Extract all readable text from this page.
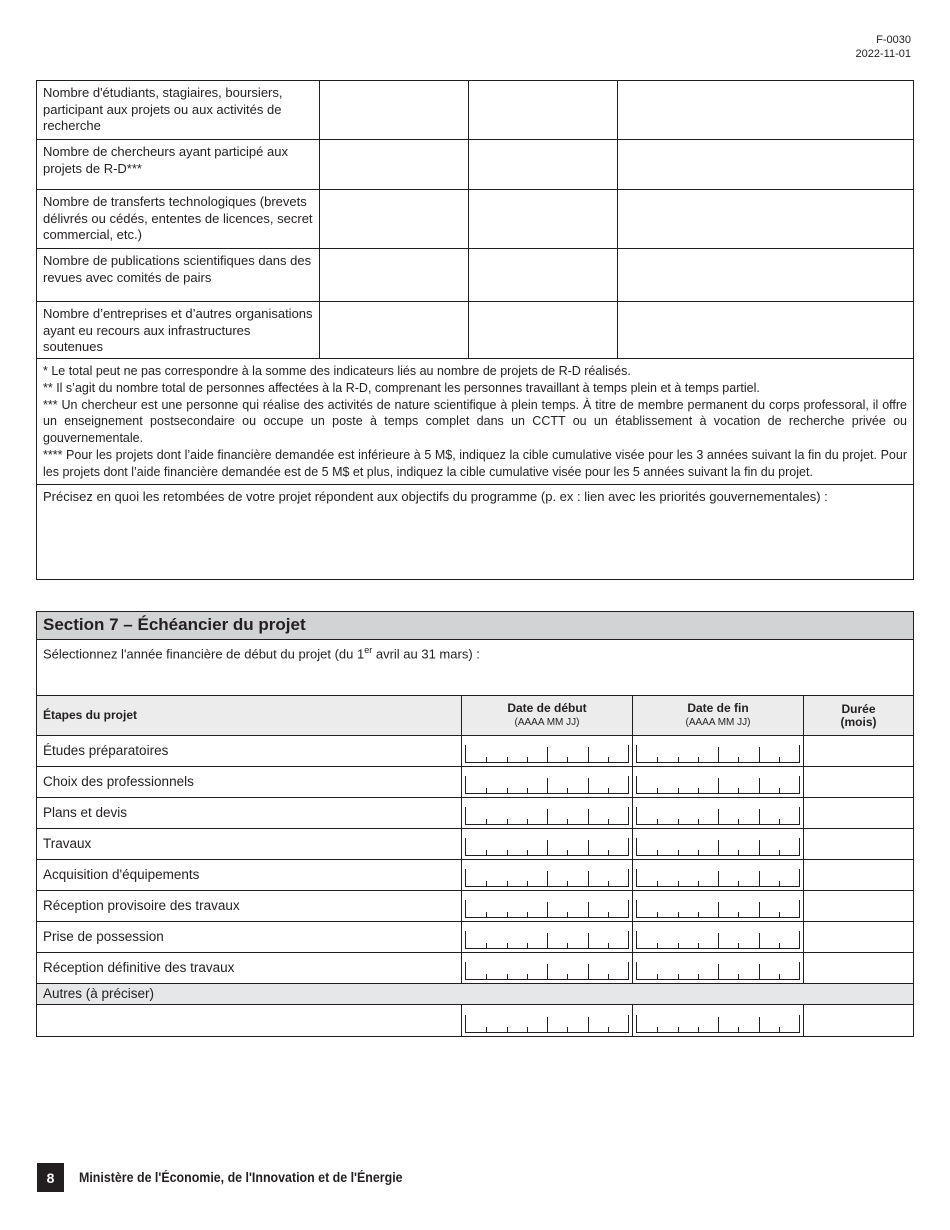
F-0030
2022-11-01
Nombre d'étudiants, stagiaires, boursiers, participant aux projets ou aux activités de recherche
Nombre de chercheurs ayant participé aux projets de R-D***
Nombre de transferts technologiques (brevets délivrés ou cédés, ententes de licences, secret commercial, etc.)
Nombre de publications scientifiques dans des revues avec comités de pairs
Nombre d’entreprises et d’autres organisations ayant eu recours aux infrastructures soutenues

* Le total peut ne pas correspondre à la somme des indicateurs liés au nombre de projets de R-D réalisés.

** Il s’agit du nombre total de personnes affectées à la R-D, comprenant les personnes travaillant à temps plein et à temps partiel.

*** Un chercheur est une personne qui réalise des activités de nature scientifique à plein temps. À titre de membre permanent du corps professoral, il offre un enseignement postsecondaire ou occupe un poste à temps complet dans un CCTT ou un établissement à vocation de recherche privée ou gouvernementale.

**** Pour les projets dont l’aide financière demandée est inférieure à 5 M$, indiquez la cible cumulative visée pour les 3 années suivant la fin du projet. Pour les projets dont l’aide financière demandée est de 5 M$ et plus, indiquez la cible cumulative visée pour les 5 années suivant la fin du projet.

Précisez en quoi les retombées de votre projet répondent aux objectifs du programme (p. ex : lien avec les priorités gouvernementales) :
Section 7 – Échéancier du projet
Sélectionnez l'année financière de début du projet (du 1er avril au 31 mars) :
Étapes du projet	Date de début
(AAAA MM JJ)
Date de fin
(AAAA MM JJ)
Durée
(mois)
Études préparatoires
Choix des professionnels
Plans et devis
Travaux
Acquisition d'équipements
Réception provisoire des travaux
Prise de possession
Réception définitive des travaux
Autres (à préciser)
8	Ministère de l'Économie, de l'Innovation et de l'Énergie
